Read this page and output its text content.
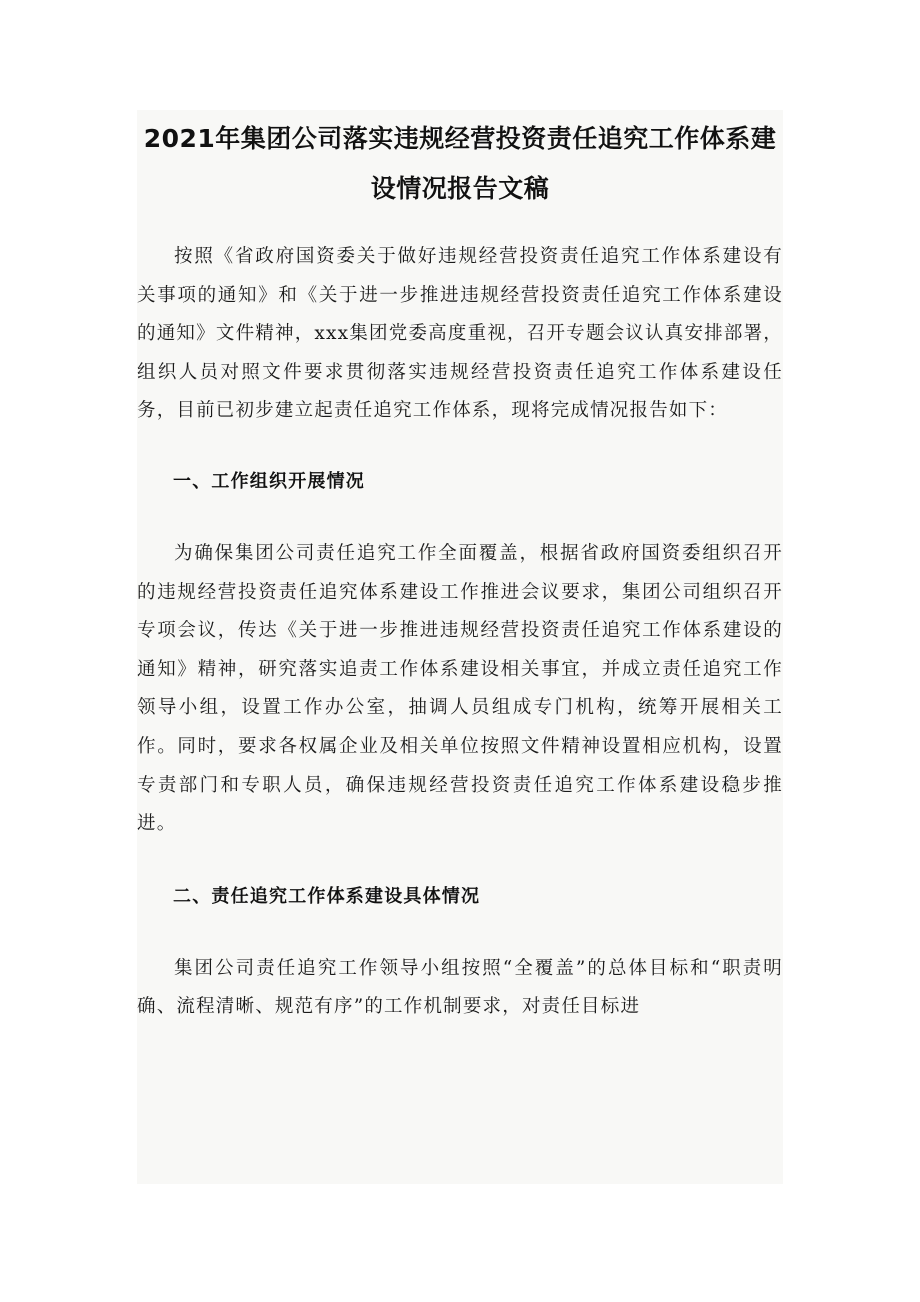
2021年集团公司落实违规经营投资责任追究工作体系建设情况报告文稿

按照《省政府国资委关于做好违规经营投资责任追究工作体系建设有关事项的通知》和《关于进一步推进违规经营投资责任追究工作体系建设的通知》文件精神，xxx集团党委高度重视，召开专题会议认真安排部署，组织人员对照文件要求贯彻落实违规经营投资责任追究工作体系建设任务，目前已初步建立起责任追究工作体系，现将完成情况报告如下：

一、工作组织开展情况

为确保集团公司责任追究工作全面覆盖，根据省政府国资委组织召开的违规经营投资责任追究体系建设工作推进会议要求，集团公司组织召开专项会议，传达《关于进一步推进违规经营投资责任追究工作体系建设的通知》精神，研究落实追责工作体系建设相关事宜，并成立责任追究工作领导小组，设置工作办公室，抽调人员组成专门机构，统筹开展相关工作。同时，要求各权属企业及相关单位按照文件精神设置相应机构，设置专责部门和专职人员，确保违规经营投资责任追究工作体系建设稳步推进。

二、责任追究工作体系建设具体情况

集团公司责任追究工作领导小组按照“全覆盖”的总体目标和“职责明确、流程清晰、规范有序”的工作机制要求，对责任目标进
